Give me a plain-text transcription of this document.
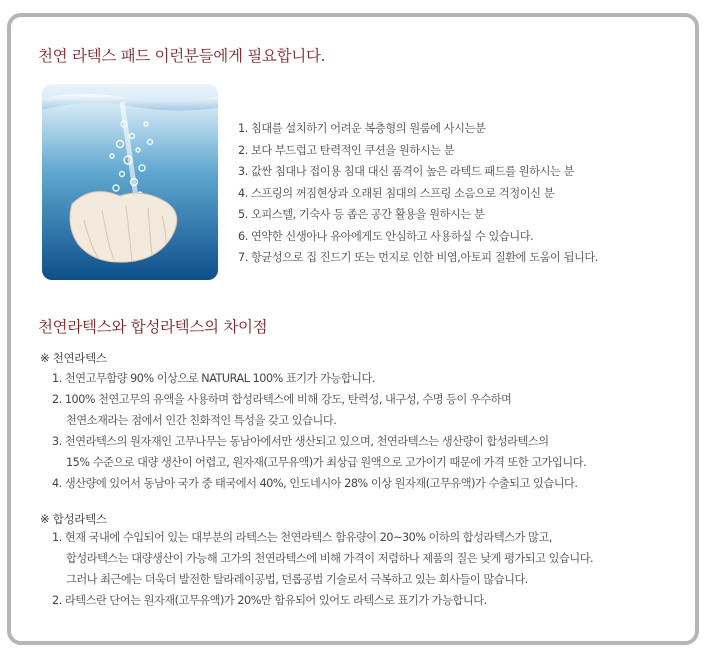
천연 라텍스 패드 이런분들에게 필요합니다.
1. 침대를 설치하기 어려운 복층형의 원룸에 사시는분
2. 보다 부드럽고 탄력적인 쿠션을 원하시는 분
3. 값싼 침대나 접이용 침대 대신 품격이 높은 라텍드 패드를 원하시는 분
4. 스프링의 꺼짐현상과 오래된 침대의 스프링 소음으로 걱정이신 분
5. 오피스텔, 기숙사 등 좁은 공간 활용을 원하시는 분
6. 연약한 신생아나 유아에게도 안심하고 사용하실 수 있습니다.
7. 항균성으로 집 진드기 또는 먼지로 인한 비염,아토피 질환에 도움이 됩니다.
천연라텍스와 합성라텍스의 차이점
※ 천연라텍스
1. 천연고무함량 90% 이상으로 NATURAL 100% 표기가 가능합니다.
2. 100% 천연고무의 유액을 사용하며 합성라텍스에 비해 강도, 탄력성, 내구성, 수명 등이 우수하며
천연소재라는 점에서 인간 친화적인 특성을 갖고 있습니다.
3. 천연라텍스의 원자재인 고무나무는 동남아에서만 생산되고 있으며, 천연라텍스는 생산량이 합성라텍스의
15% 수준으로 대량 생산이 어렵고, 원자재(고무유액)가 최상급 원액으로 고가이기 때문에 가격 또한 고가입니다.
4. 생산량에 있어서 동남아 국가 중 태국에서 40%, 인도네시아 28% 이상 원자재(고무유액)가 수출되고 있습니다.
※ 합성라텍스
1. 현재 국내에 수입되어 있는 대부분의 라텍스는 천연라텍스 함유량이 20~30% 이하의 합성라텍스가 많고,
합성라텍스는 대량생산이 가능해 고가의 천연라텍스에 비해 가격이 저렴하나 제품의 질은 낮게 평가되고 있습니다.
그러나 최근에는 더욱더 발전한 탈라레이공법, 던롭공법 기술로서 극복하고 있는 회사들이 많습니다.
2. 라텍스란 단어는 원자재(고무유액)가 20%만 함유되어 있어도 라텍스로 표기가 가능합니다.
